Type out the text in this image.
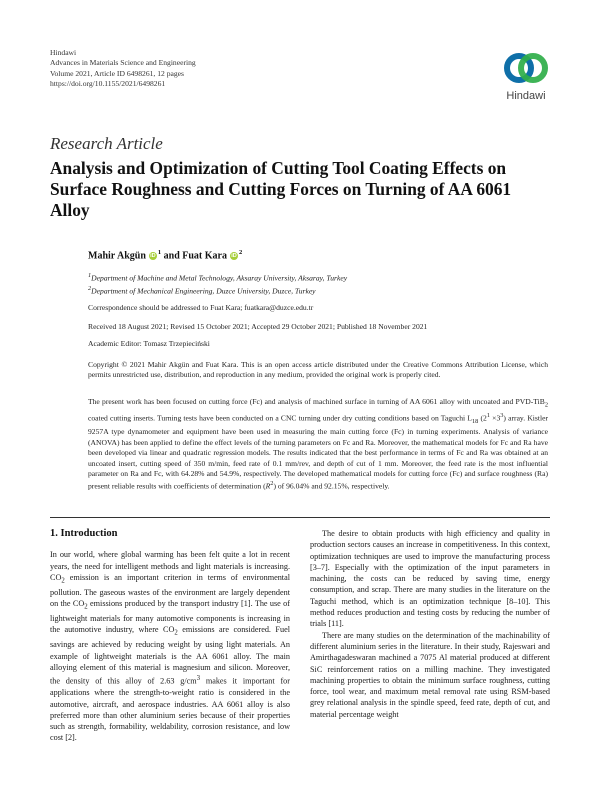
Hindawi
Advances in Materials Science and Engineering
Volume 2021, Article ID 6498261, 12 pages
https://doi.org/10.1155/2021/6498261
Hindawi
Research Article
Analysis and Optimization of Cutting Tool Coating Effects on Surface Roughness and Cutting Forces on Turning of AA 6061 Alloy
Mahir Akgün $iD^1$ and Fuat Kara $iD^2$
$^1$Department of Machine and Metal Technology, Aksaray University, Aksaray, Turkey
$^2$Department of Mechanical Engineering, Duzce University, Duzce, Turkey
Correspondence should be addressed to Fuat Kara; fuatkara@duzce.edu.tr
Received 18 August 2021; Revised 15 October 2021; Accepted 29 October 2021; Published 18 November 2021
Academic Editor: Tomasz Trzepieciński
Copyright © 2021 Mahir Akgün and Fuat Kara. This is an open access article distributed under the Creative Commons Attribution License, which permits unrestricted use, distribution, and reproduction in any medium, provided the original work is properly cited.
The present work has been focused on cutting force (Fc) and analysis of machined surface in turning of AA 6061 alloy with uncoated and PVD-TiB$_2$ coated cutting inserts. Turning tests have been conducted on a CNC turning under dry cutting conditions based on Taguchi $L_{18}$ $(2^1 \times 3^3)$ array. Kistler 9257A type dynamometer and equipment have been used in measuring the main cutting force (Fc) in turning experiments. Analysis of variance (ANOVA) has been applied to define the effect levels of the turning parameters on Fc and Ra. Moreover, the mathematical models for Fc and Ra have been developed via linear and quadratic regression models. The results indicated that the best performance in terms of Fc and Ra was obtained at an uncoated insert, cutting speed of 350 m/min, feed rate of 0.1 mm/rev, and depth of cut of 1 mm. Moreover, the feed rate is the most influential parameter on Ra and Fc, with 64.28% and 54.9%, respectively. The developed mathematical models for cutting force (Fc) and surface roughness (Ra) present reliable results with coefficients of determination $(R^2)$ of 96.04% and 92.15%, respectively.
1. Introduction

In our world, where global warming has been felt quite a lot in recent years, the need for intelligent methods and light materials is increasing. $CO_2$ emission is an important criterion in terms of environmental pollution. The gaseous wastes of the environment are largely dependent on the $CO_2$ emissions produced by the transport industry [1]. The use of lightweight materials for many automotive components is increasing in the automotive industry, where $CO_2$ emissions are considered. Fuel savings are achieved by reducing weight by using light materials. An example of lightweight materials is the AA 6061 alloy. The main alloying element of this material is magnesium and silicon. Moreover, the density of this alloy of 2.63 $g/cm^3$ makes it important for applications where the strength-to-weight ratio is considered in the automotive, aircraft, and aerospace industries. AA 6061 alloy is also preferred more than other aluminium series because of their properties such as strength, formability, weldability, corrosion resistance, and low cost [2].

The desire to obtain products with high efficiency and quality in production sectors causes an increase in competitiveness. In this context, optimization techniques are used to improve the manufacturing process [3–7]. Especially with the optimization of the input parameters in machining, the costs can be reduced by saving time, energy consumption, and scrap. There are many studies in the literature on the Taguchi method, which is an optimization technique [8–10]. This method reduces production and testing costs by reducing the number of trials [11].

There are many studies on the determination of the machinability of different aluminium series in the literature. In their study, Rajeswari and Amirthagadeswaran machined a 7075 Al material produced at different SiC reinforcement ratios on a milling machine. They investigated machining properties to obtain the minimum surface roughness, cutting force, tool wear, and maximum metal removal rate using RSM-based grey relational analysis in the spindle speed, feed rate, depth of cut, and material percentage weight
